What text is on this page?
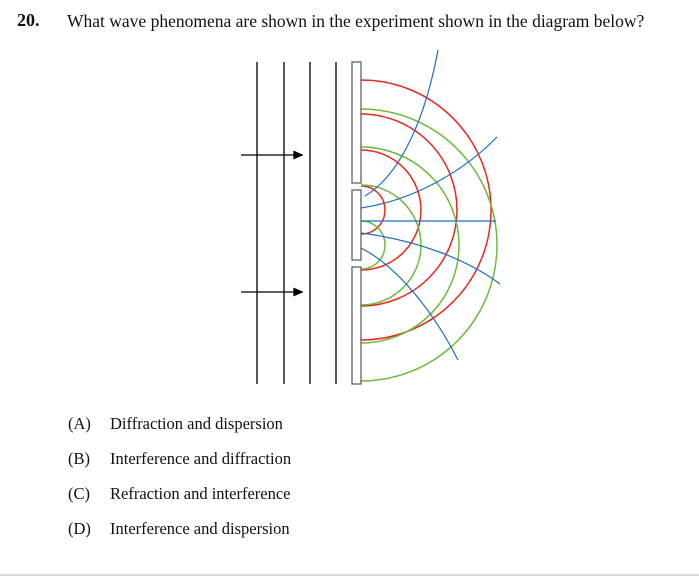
20. What wave phenomena are shown in the experiment shown in the diagram below?
(A) Diffraction and dispersion
(B) Interference and diffraction
(C) Refraction and interference
(D) Interference and dispersion
